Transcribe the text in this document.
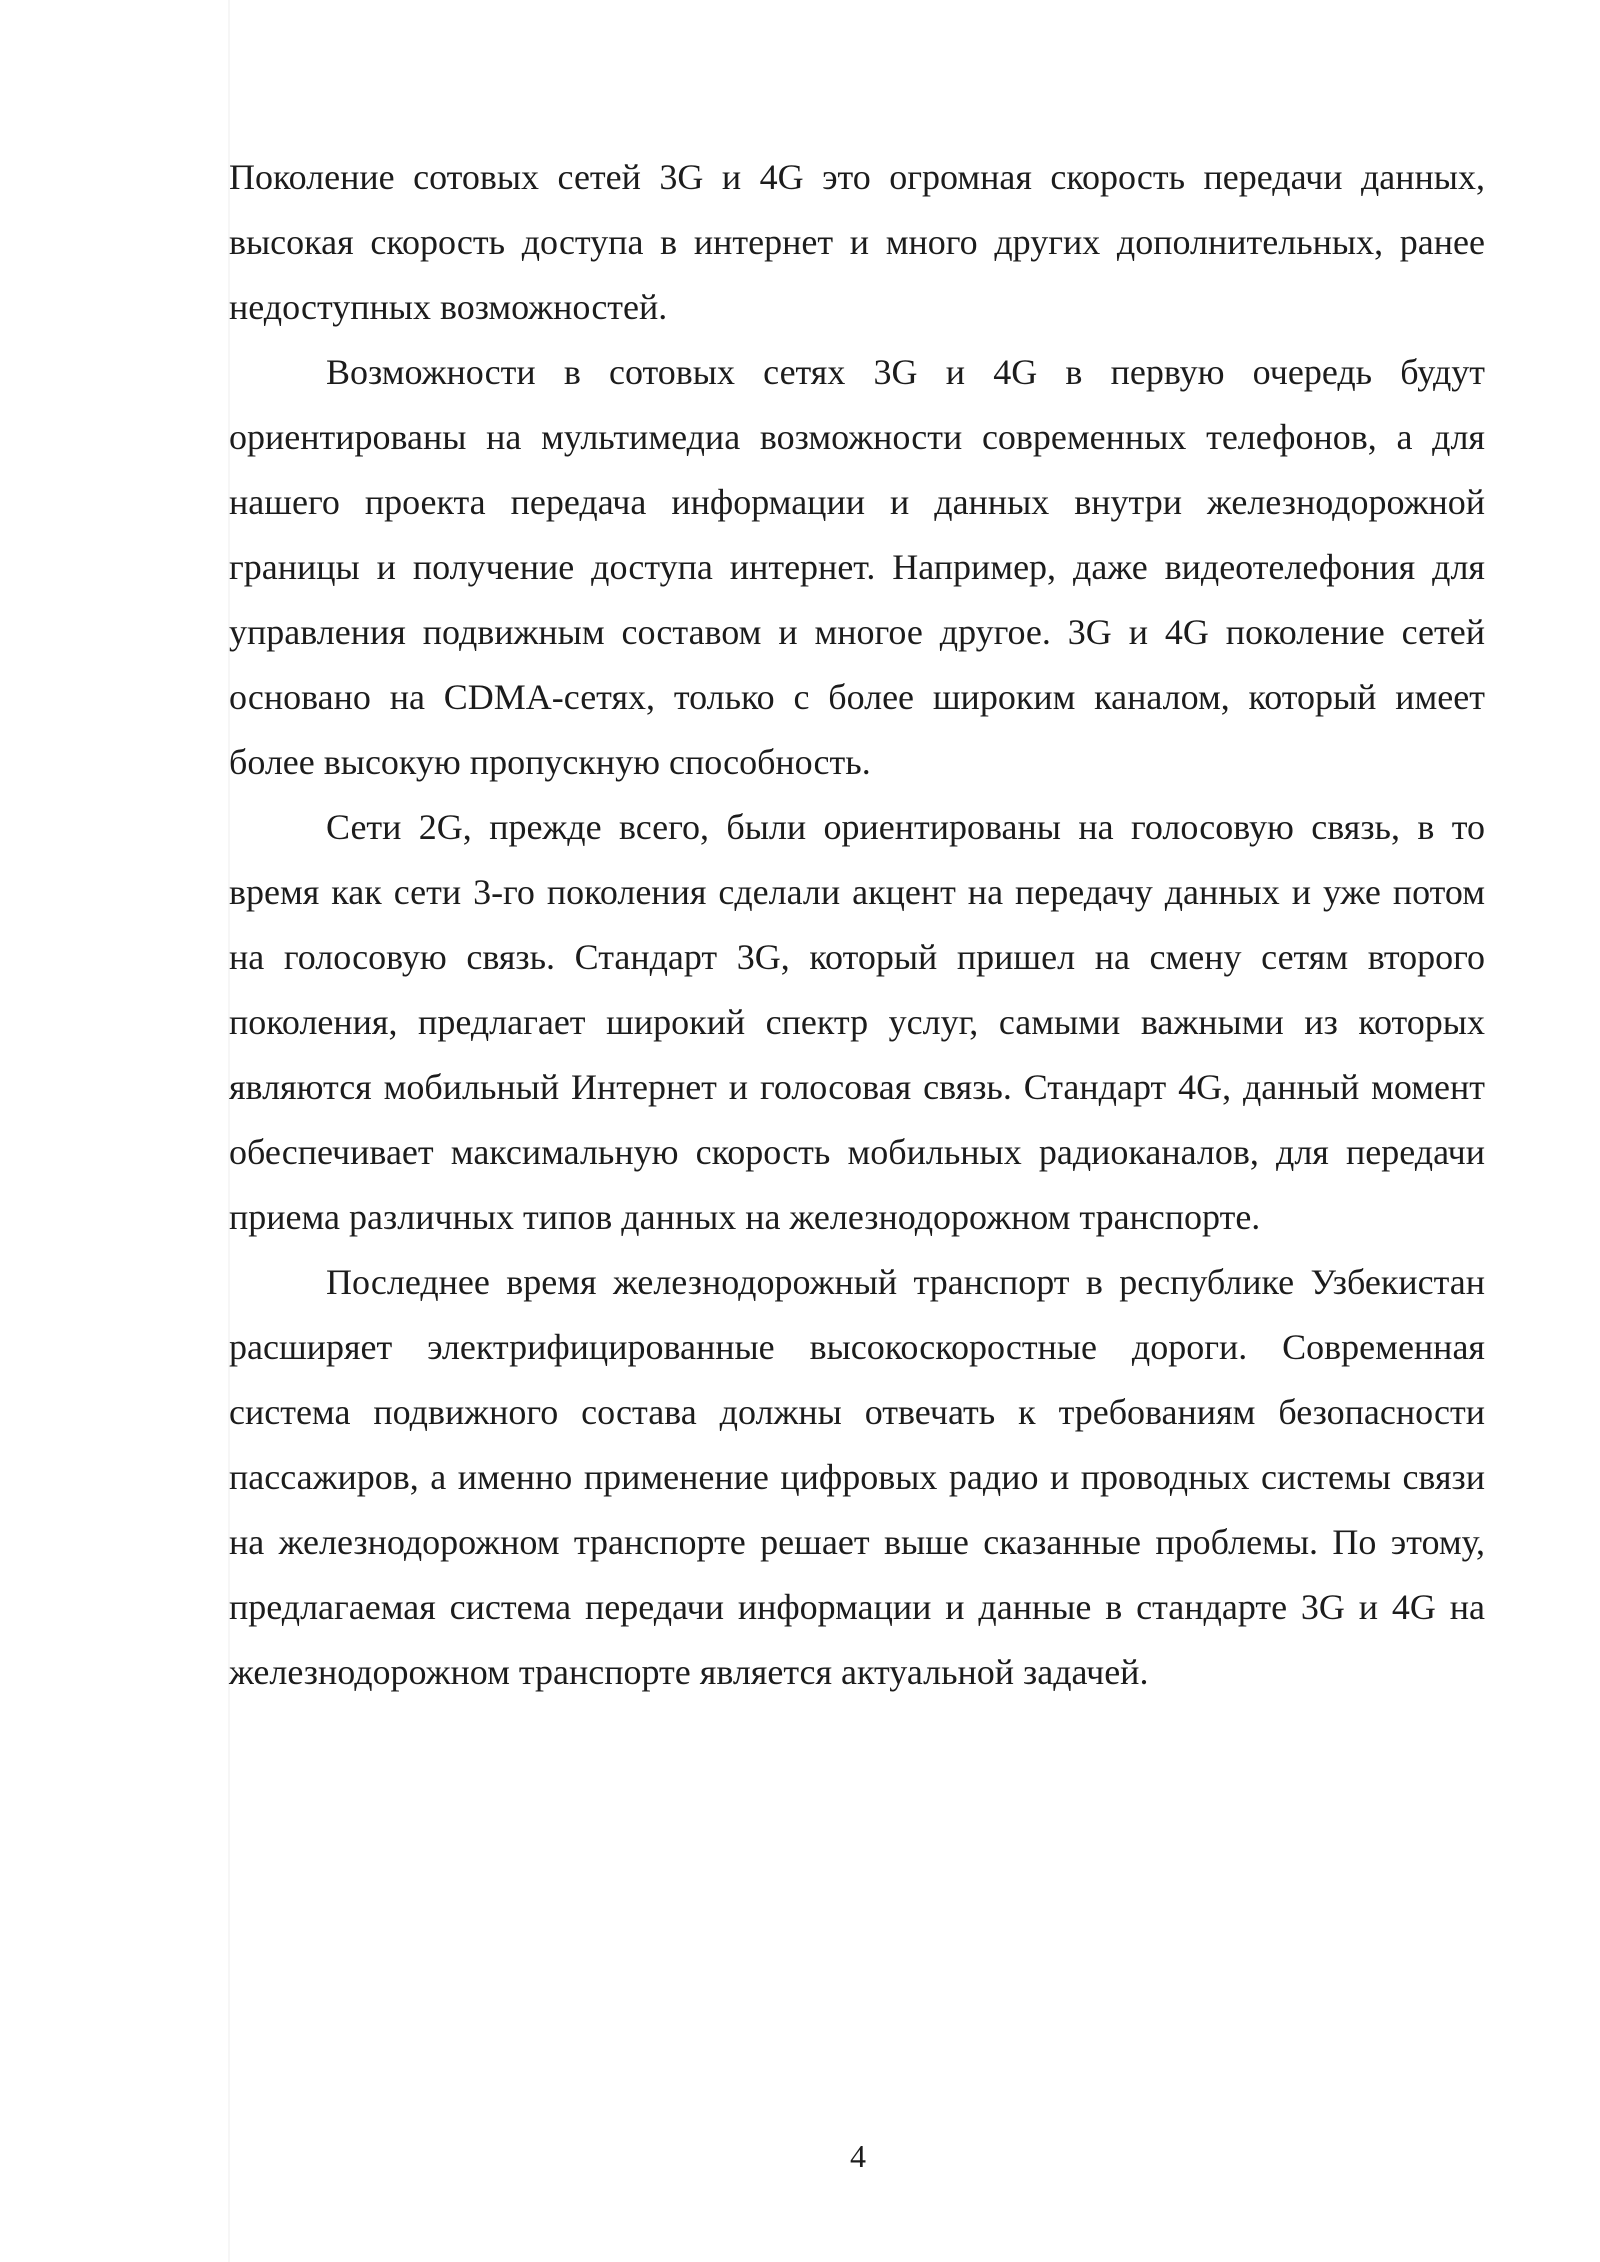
Поколение сотовых сетей 3G и 4G это огромная скорость передачи данных, высокая скорость доступа в интернет и много других дополнительных, ранее недоступных возможностей.

Возможности в сотовых сетях 3G и 4G в первую очередь будут ориентированы на мультимедиа возможности современных телефонов, а для нашего проекта передача информации и данных внутри железнодорожной границы и получение доступа интернет. Например, даже видеотелефония для управления подвижным составом и многое другое. 3G и 4G поколение сетей основано на CDMA-сетях, только с более широким каналом, который имеет более высокую пропускную способность.

Сети 2G, прежде всего, были ориентированы на голосовую связь, в то время как сети 3-го поколения сделали акцент на передачу данных и уже потом на голосовую связь. Стандарт 3G, который пришел на смену сетям второго поколения, предлагает широкий спектр услуг, самыми важными из которых являются мобильный Интернет и голосовая связь. Стандарт 4G, данный момент обеспечивает максимальную скорость мобильных радиоканалов, для передачи приема различных типов данных на железнодорожном транспорте.

Последнее время железнодорожный транспорт в республике Узбекистан расширяет электрифицированные высокоскоростные дороги. Современная система подвижного состава должны отвечать к требованиям безопасности пассажиров, а именно применение цифровых радио и проводных системы связи на железнодорожном транспорте решает выше сказанные проблемы. По этому, предлагаемая система передачи информации и данные в стандарте 3G и 4G на железнодорожном транспорте является актуальной задачей.

4
